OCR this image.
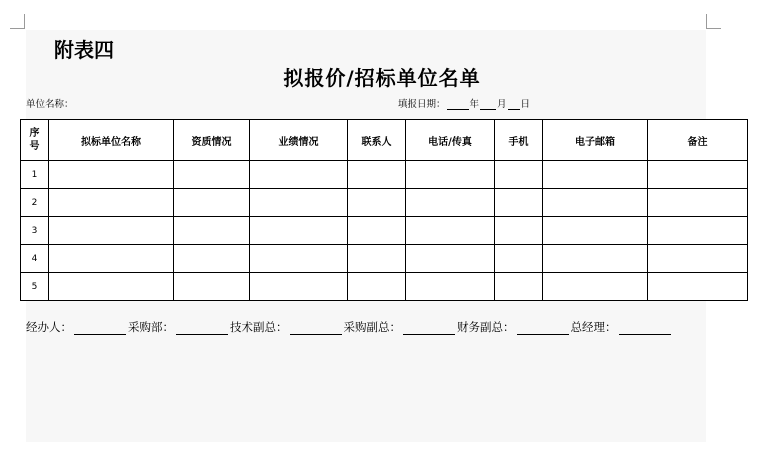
附表四
拟报价/招标单位名单
单位名称：	填报日期：	年 月 日
序
号	拟标单位名称	资质情况	业绩情况	联系人	电话/传真	手机	电子邮箱	备注
1								
2								
3								
4								
5								
经办人：	采购部：	技术副总：	采购副总：	财务副总：	总经理：
